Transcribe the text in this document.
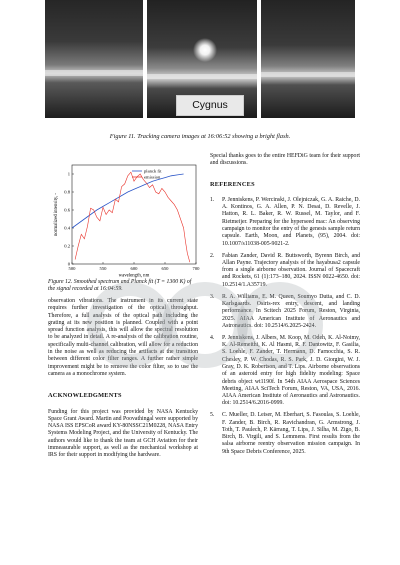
Cygnus
Figure 11. Tracking camera images at 16:06:52 showing a bright flash.
500	550	600	650	700
0
0.2
0.4
0.6
0.8
1
wavelength, nm
normalized intensity, -
planck fit
emission
Figure 12. Smoothed spectrum and Planck fit (T = 1300 K) of the signal recorded at 16:04:59.

observation vibrations. The instrument in its current state requires further investigation of the optical throughput. Therefore, a full analysis of the optical path including the grating at its new position is planned. Coupled with a point spread function analysis, this will allow the spectral resolution to be analyzed in detail. A re-analysis of the calibration routine, specifically multi-channel calibration, will allow for a reduction in the noise as well as reducing the artifacts at the transition between different color filter ranges. A further rather simple improvement might be to remove the color filter, so to use the camera as a monochrome system.

ACKNOWLEDGMENTS

Funding for this project was provided by NASA Kentucky Space Grant Award. Martin and Poovathingal were supported by NASA ISS EPSCoR award KY-80NSSC21M0228, NASA Entry Systems Modeling Project, and the University of Kentucky. The authors would like to thank the team at GCH Aviation for their immeasurable support, as well as the mechanical workshop at IRS for their support in modifying the hardware.

Special thanks goes to the entire HEFDiG team for their support and discussions.

REFERENCES
1. P. Jenniskens, P. Wercinski, J. Olejniczak, G. A. Raiche, D. A. Kontinos, G. A. Allen, P. N. Desai, D. Revelle, J. Hatton, R. L. Baker, R. W. Russel, M. Taylor, and F. Rietmeijer. Preparing for the hyperseed mac: An observing campaign to monitor the entry of the genesis sample return capsule. Earth, Moon, and Planets, (95), 2004. doi: 10.1007/s11038-005-9021-2.
2. Fabian Zander, David R. Buttsworth, Byrenn Birch, and Allan Payne. Trajectory analysis of the hayabusa2 capsule from a single airborne observation. Journal of Spacecraft and Rockets, 61 (1):173–180, 2024. ISSN 0022-4650. doi: 10.2514/1.A35719.
3. R. A. Williams, E. M. Queen, Soumyo Dutta, and C. D. Karlsgaards. Osiris-rex entry, descent, and landing performance. In Scitech 2025 Forum, Reston, Virginia, 2025. AIAA American Institute of Aeronautics and Astronautics. doi: 10.2514/6.2025-2424.
4. P. Jenniskens, J. Albers, M. Koop, M. Odeh, K. Al-Noimy, K. Al-Remeithi, K. Al Hasmi, R. F. Dantowitz, F. Gasilia, S. Loehle, F. Zander, T. Hermann, D. Farnocchia, S. R. Chesley, P. W. Chodas, R. S. Park, J. D. Giorgini, W. J. Gray, D. K. Robertson, and T. Lips. Airborne observations of an asteroid entry for high fidelity modeling: Space debris object wt1190f. In 54th AIAA Aerospace Sciences Meeting, AIAA SciTech Forum, Reston, VA, USA, 2016. AIAA American Institute of Aeronautics and Astronautics. doi: 10.2514/6.2016-0999.
5. C. Mueller, D. Leiser, M. Eberhart, S. Fasoulas, S. Loehle, F. Zander, B. Birch, R. Ravichandran, G. Armstrong, J. Toth, T. Paulech, P. Kärrang, T. Lips, J. Silha, M. Zigo, B. Birch, B. Virgili, and S. Lemmens. First results from the salsa airborne reentry observation mission campaign. In 9th Space Debris Conference, 2025.
